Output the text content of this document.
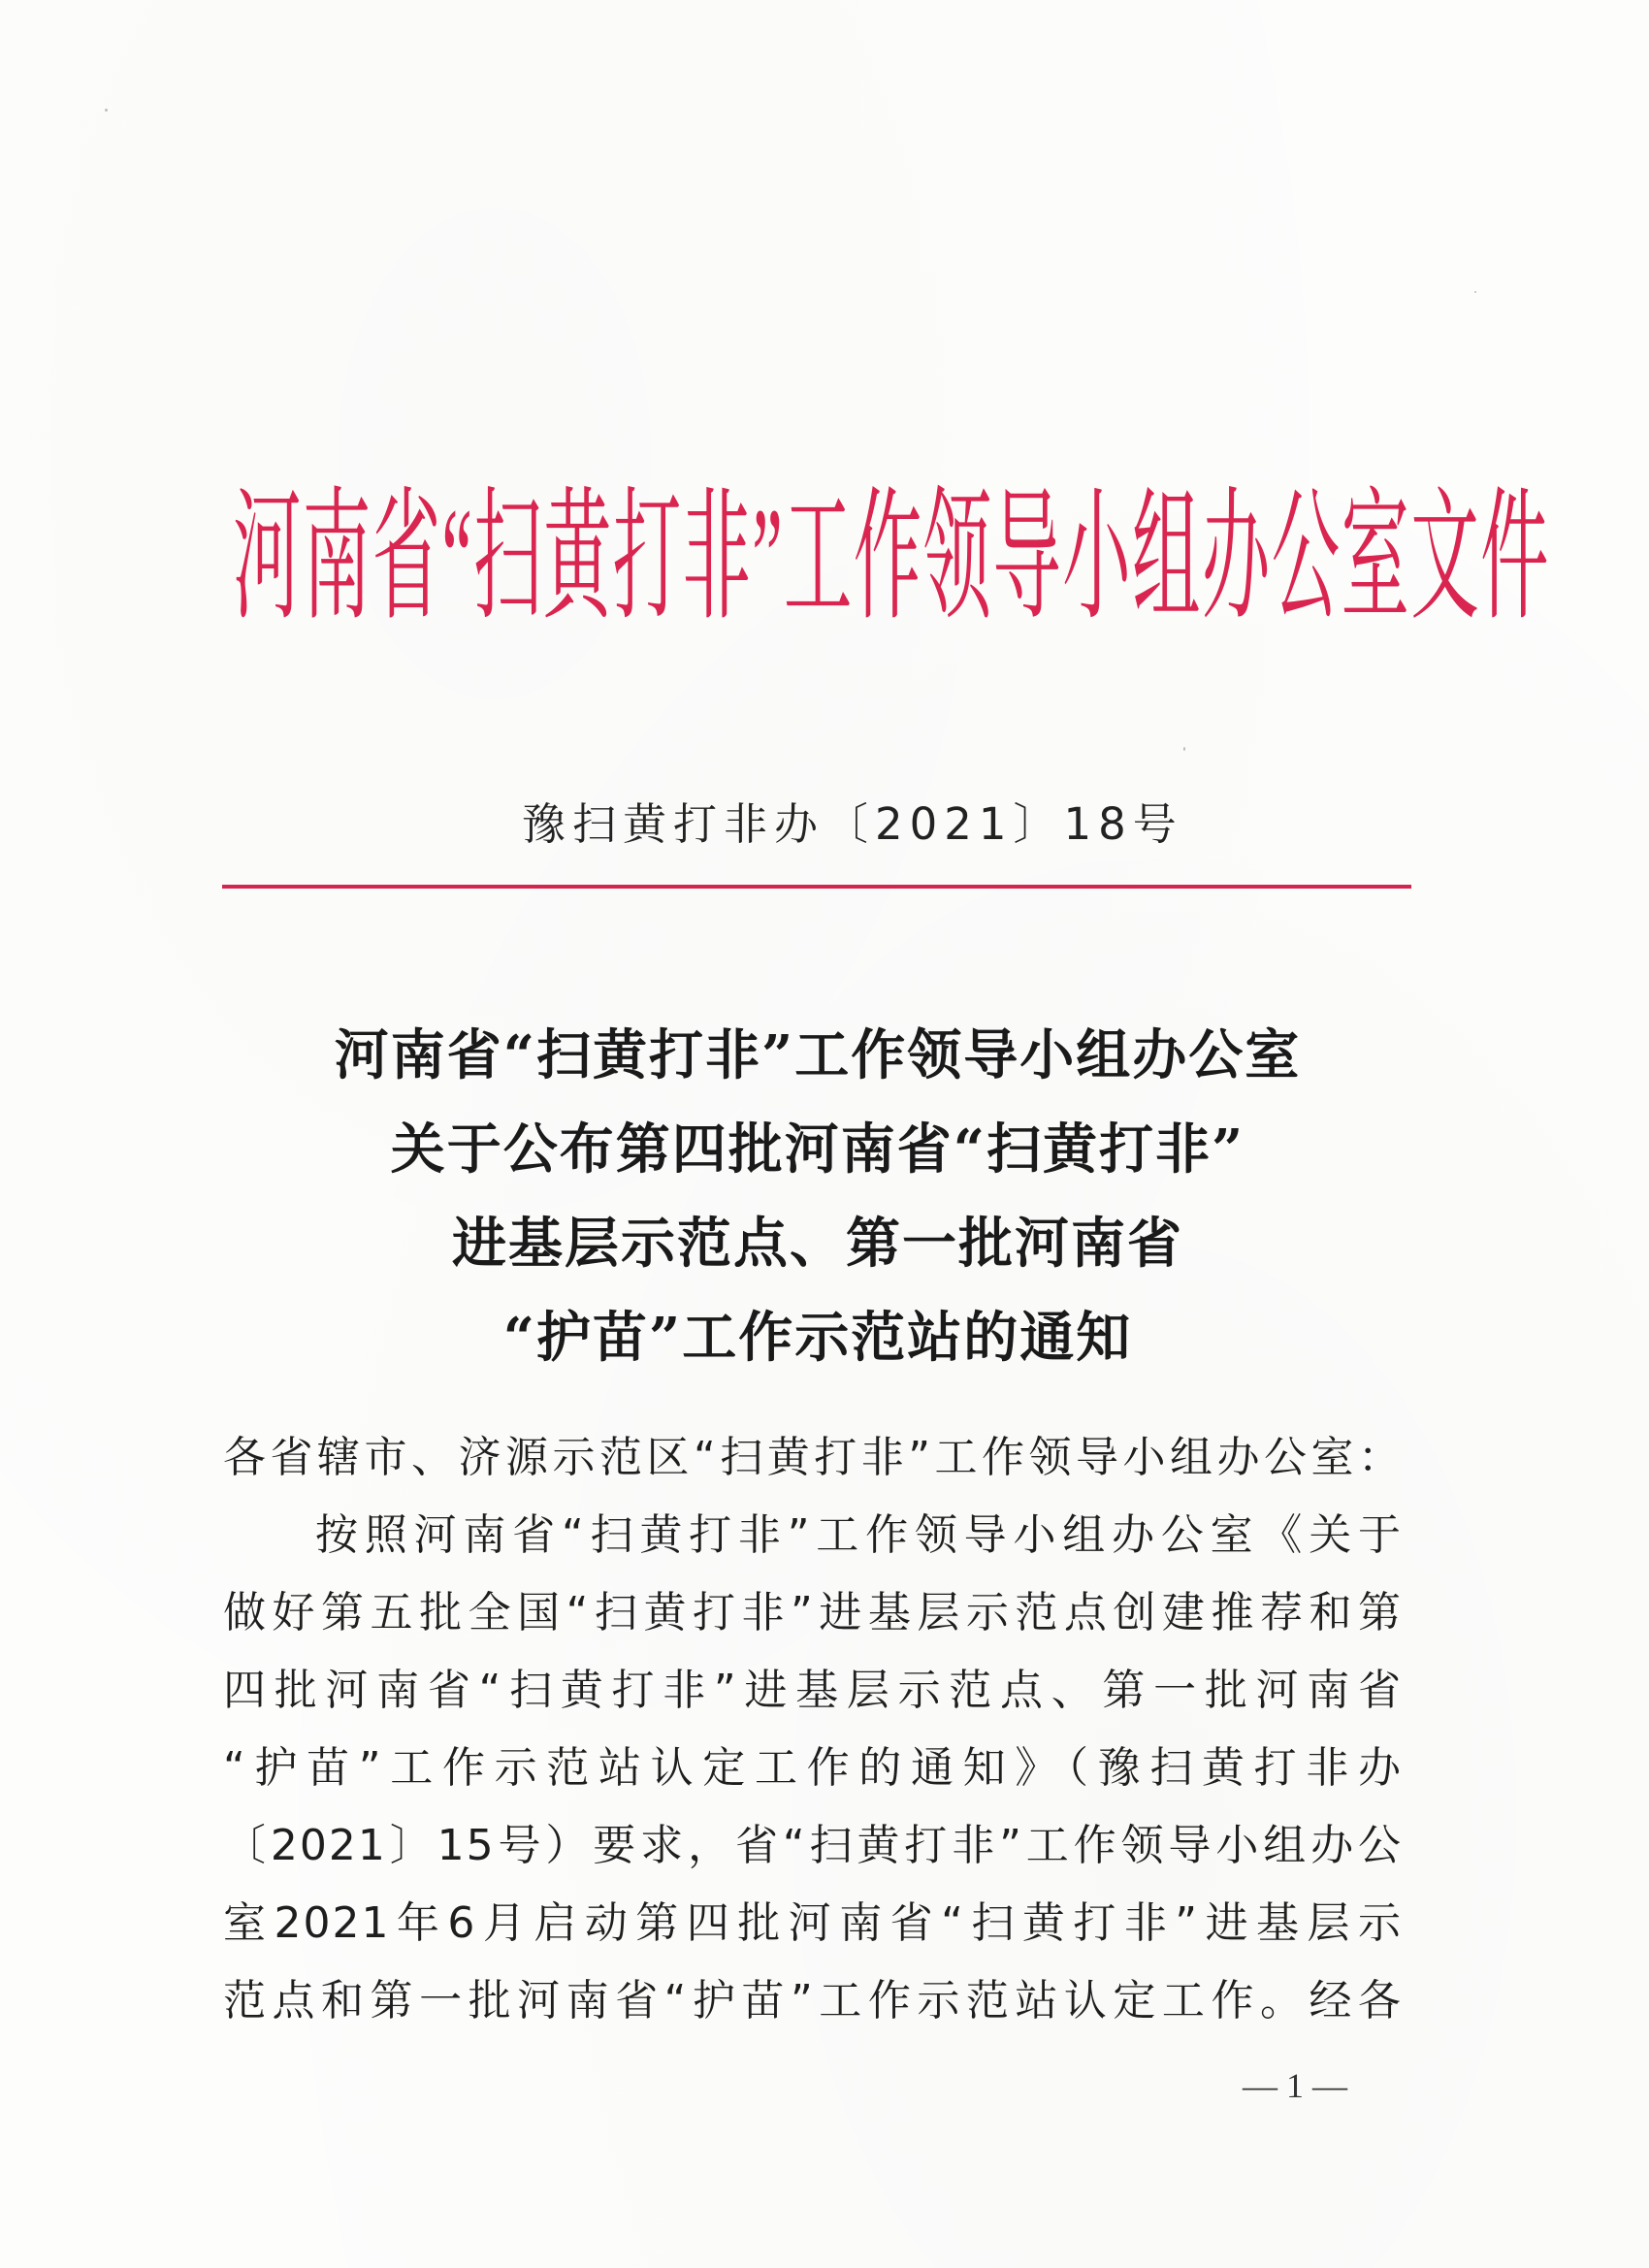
河南省“扫黄打非”工作领导小组办公室文件
豫扫黄打非办〔2021〕18号
河南省“扫黄打非”工作领导小组办公室
关于公布第四批河南省“扫黄打非”
进基层示范点、第一批河南省
“护苗”工作示范站的通知
各省辖市、济源示范区“扫黄打非”工作领导小组办公室：
按照河南省“扫黄打非”工作领导小组办公室《关于
做好第五批全国“扫黄打非”进基层示范点创建推荐和第
四批河南省“扫黄打非”进基层示范点、第一批河南省
“护苗”工作示范站认定工作的通知》（豫扫黄打非办
〔2021〕15号）要求，省“扫黄打非”工作领导小组办公
室2021年6月启动第四批河南省“扫黄打非”进基层示
范点和第一批河南省“护苗”工作示范站认定工作。经各
— 1 —
